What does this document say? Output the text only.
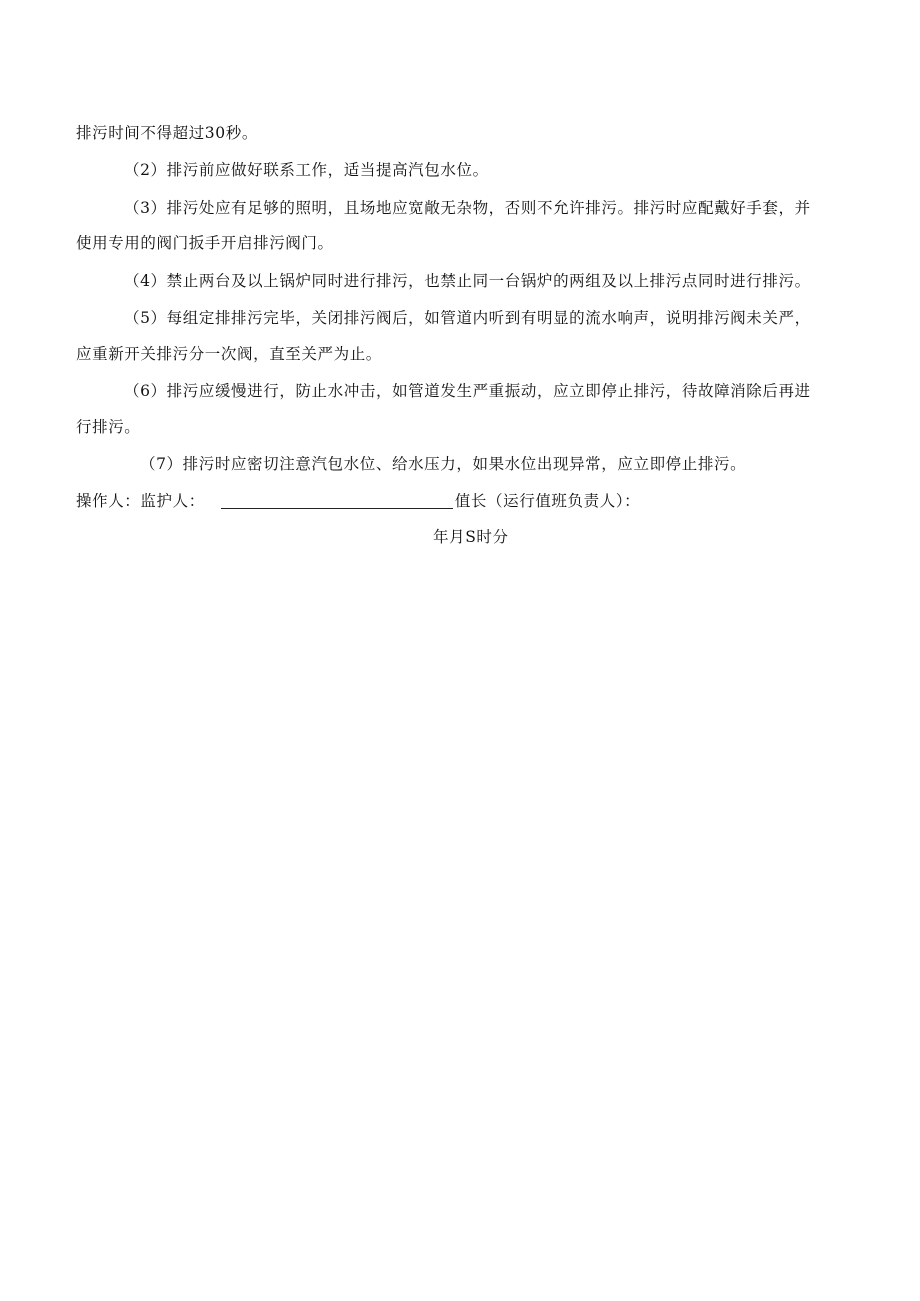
排污时间不得超过30秒。
（2）排污前应做好联系工作，适当提高汽包水位。
（3）排污处应有足够的照明，且场地应宽敞无杂物，否则不允许排污。排污时应配戴好手套，并
使用专用的阀门扳手开启排污阀门。
（4）禁止两台及以上锅炉同时进行排污，也禁止同一台锅炉的两组及以上排污点同时进行排污。
（5）每组定排排污完毕，关闭排污阀后，如管道内听到有明显的流水响声，说明排污阀未关严，
应重新开关排污分一次阀，直至关严为止。
（6）排污应缓慢进行，防止水冲击，如管道发生严重振动，应立即停止排污，待故障消除后再进
行排污。
（7）排污时应密切注意汽包水位、给水压力，如果水位出现异常，应立即停止排污。
操作人：监护人：	值长（运行值班负责人）：
年月S时分
